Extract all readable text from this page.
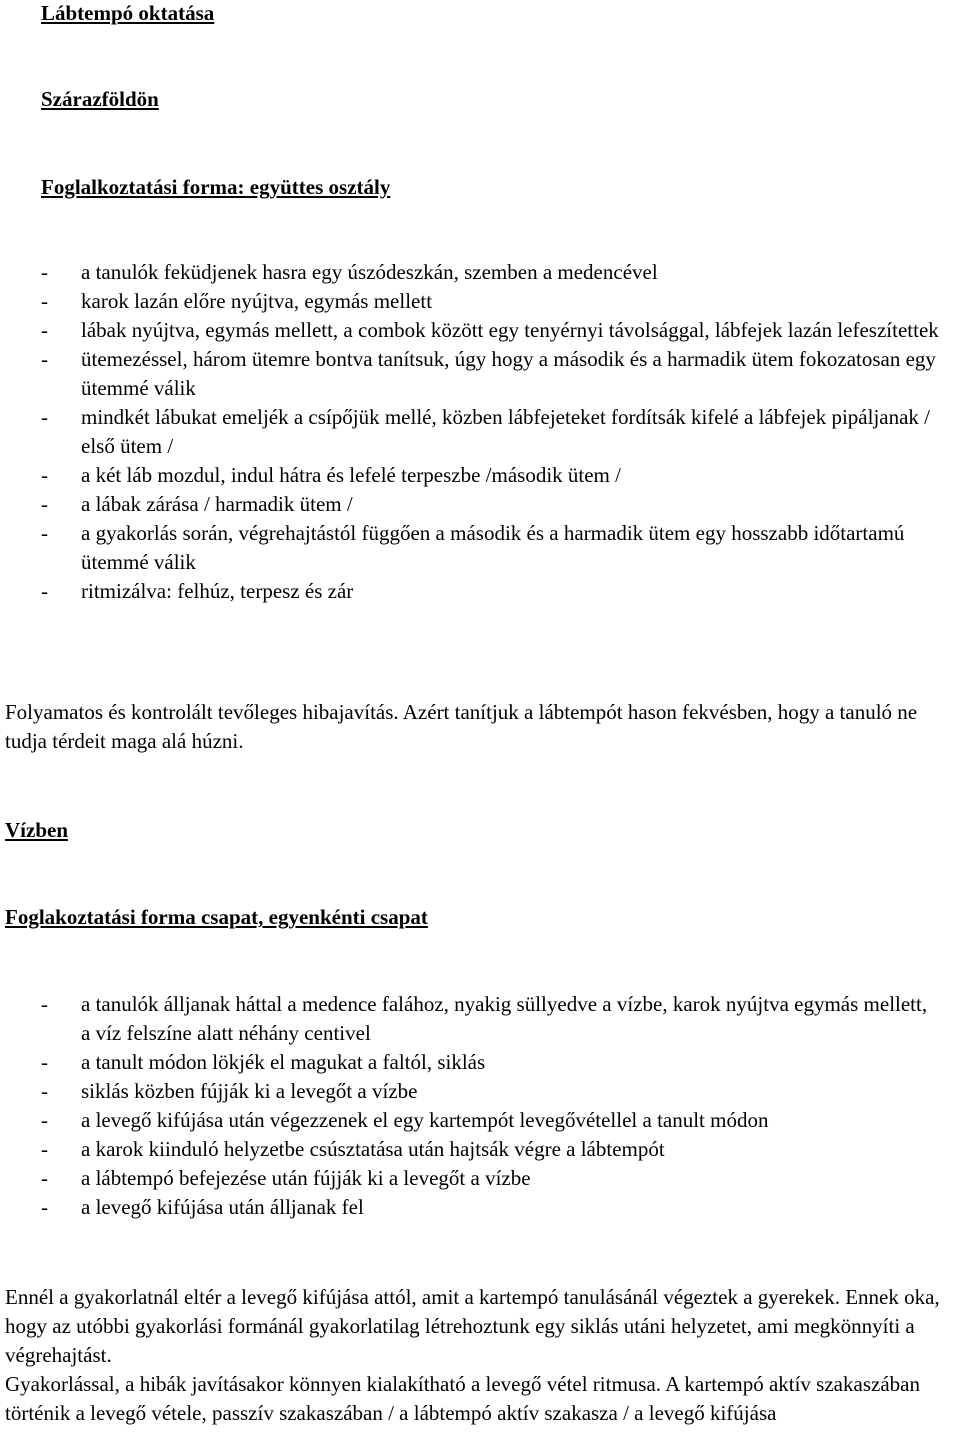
Lábtempó oktatása
Szárazföldön
Foglalkoztatási forma: együttes osztály
- a tanulók feküdjenek hasra egy úszódeszkán, szemben a medencével
- karok lazán előre nyújtva, egymás mellett
- lábak nyújtva, egymás mellett, a combok között egy tenyérnyi távolsággal, lábfejek lazán lefeszítettek
- ütemezéssel, három ütemre bontva tanítsuk, úgy hogy a második és a harmadik ütem fokozatosan egy ütemmé válik
- mindkét lábukat emeljék a csípőjük mellé, közben lábfejeteket fordítsák kifelé a lábfejek pipáljanak / első ütem /
- a két láb mozdul, indul hátra és lefelé terpeszbe /második ütem /
- a lábak zárása / harmadik ütem /
- a gyakorlás során, végrehajtástól függően a második és a harmadik ütem egy hosszabb időtartamú ütemmé válik
- ritmizálva: felhúz, terpesz és zár

Folyamatos és kontrolált tevőleges hibajavítás. Azért tanítjuk a lábtempót hason fekvésben, hogy a tanuló ne tudja térdeit maga alá húzni.

Vízben
Foglakoztatási forma csapat, egyenkénti csapat
- a tanulók álljanak háttal a medence falához, nyakig süllyedve a vízbe, karok nyújtva egymás mellett, a víz felszíne alatt néhány centivel
- a tanult módon lökjék el magukat a faltól, siklás
- siklás közben fújják ki a levegőt a vízbe
- a levegő kifújása után végezzenek el egy kartempót levegővétellel a tanult módon
- a karok kiinduló helyzetbe csúsztatása után hajtsák végre a lábtempót
- a lábtempó befejezése után fújják ki a levegőt a vízbe
- a levegő kifújása után álljanak fel

Ennél a gyakorlatnál eltér a levegő kifújása attól, amit a kartempó tanulásánál végeztek a gyerekek. Ennek oka, hogy az utóbbi gyakorlási formánál gyakorlatilag létrehoztunk egy siklás utáni helyzetet, ami megkönnyíti a végrehajtást.

Gyakorlással, a hibák javításakor könnyen kialakítható a levegő vétel ritmusa. A kartempó aktív szakaszában történik a levegő vétele, passzív szakaszában / a lábtempó aktív szakasza / a levegő kifújása
